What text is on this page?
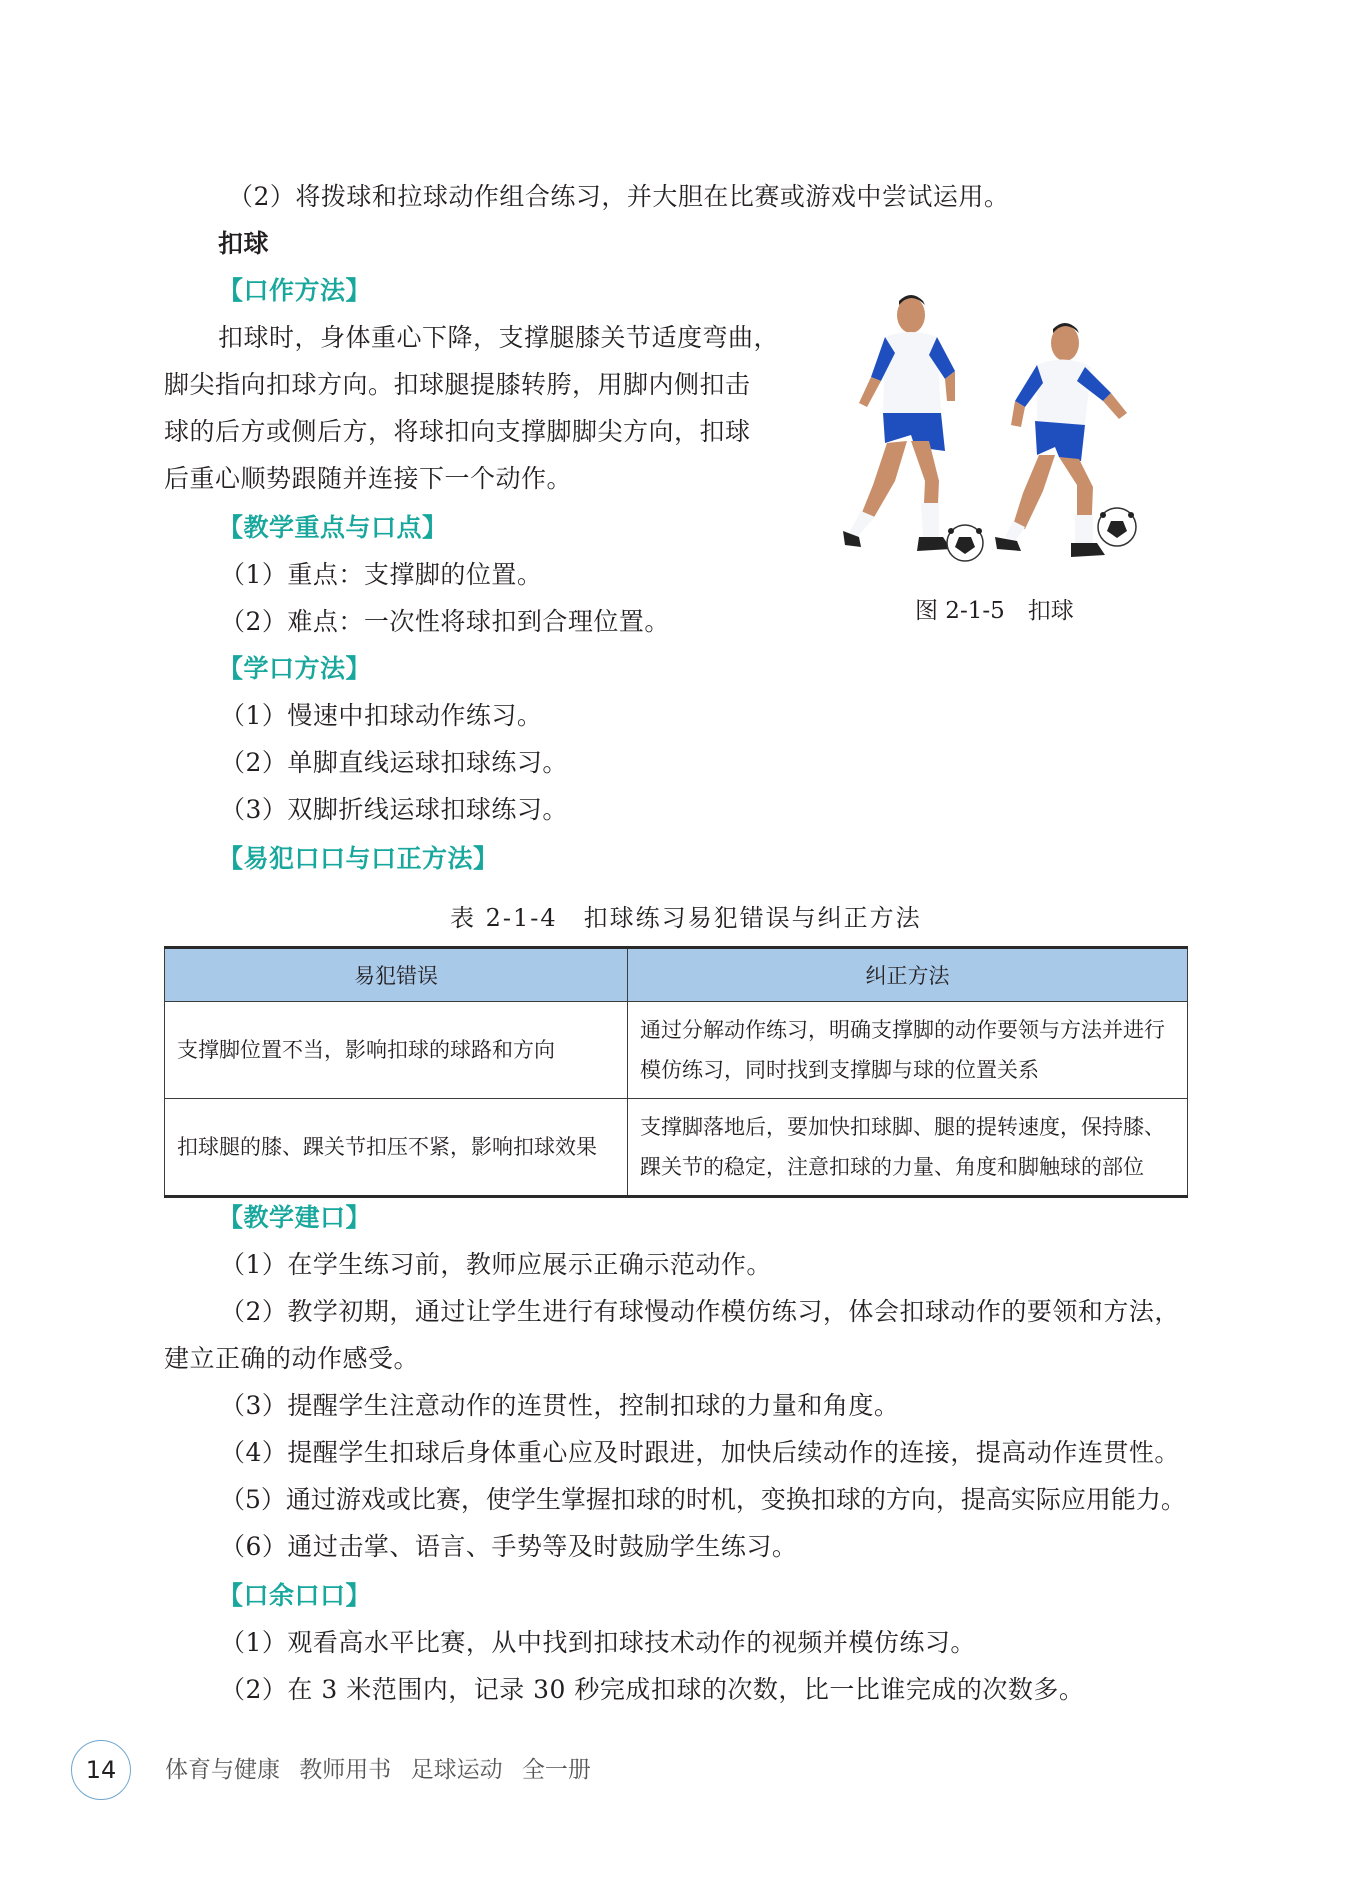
（2）将拨球和拉球动作组合练习，并大胆在比赛或游戏中尝试运用。
扣球
【口作方法】
扣球时，身体重心下降，支撑腿膝关节适度弯曲，
脚尖指向扣球方向。扣球腿提膝转胯，用脚内侧扣击
球的后方或侧后方，将球扣向支撑脚脚尖方向，扣球
后重心顺势跟随并连接下一个动作。
【教学重点与口点】
（1）重点：支撑脚的位置。
（2）难点：一次性将球扣到合理位置。
【学口方法】
（1）慢速中扣球动作练习。
（2）单脚直线运球扣球练习。
（3）双脚折线运球扣球练习。
【易犯口口与口正方法】
图 2-1-5　扣球
表 2-1-4　扣球练习易犯错误与纠正方法
易犯错误	纠正方法
支撑脚位置不当，影响扣球的球路和方向	通过分解动作练习，明确支撑脚的动作要领与方法并进行模仿练习，同时找到支撑脚与球的位置关系
扣球腿的膝、踝关节扣压不紧，影响扣球效果	支撑脚落地后，要加快扣球脚、腿的提转速度，保持膝、踝关节的稳定，注意扣球的力量、角度和脚触球的部位
【教学建口】
（1）在学生练习前，教师应展示正确示范动作。
（2）教学初期，通过让学生进行有球慢动作模仿练习，体会扣球动作的要领和方法，
建立正确的动作感受。
（3）提醒学生注意动作的连贯性，控制扣球的力量和角度。
（4）提醒学生扣球后身体重心应及时跟进，加快后续动作的连接，提高动作连贯性。
（5）通过游戏或比赛，使学生掌握扣球的时机，变换扣球的方向，提高实际应用能力。
（6）通过击掌、语言、手势等及时鼓励学生练习。
【口余口口】
（1）观看高水平比赛，从中找到扣球技术动作的视频并模仿练习。
（2）在 3 米范围内，记录 30 秒完成扣球的次数，比一比谁完成的次数多。
14	体育与健康 教师用书 足球运动 全一册
